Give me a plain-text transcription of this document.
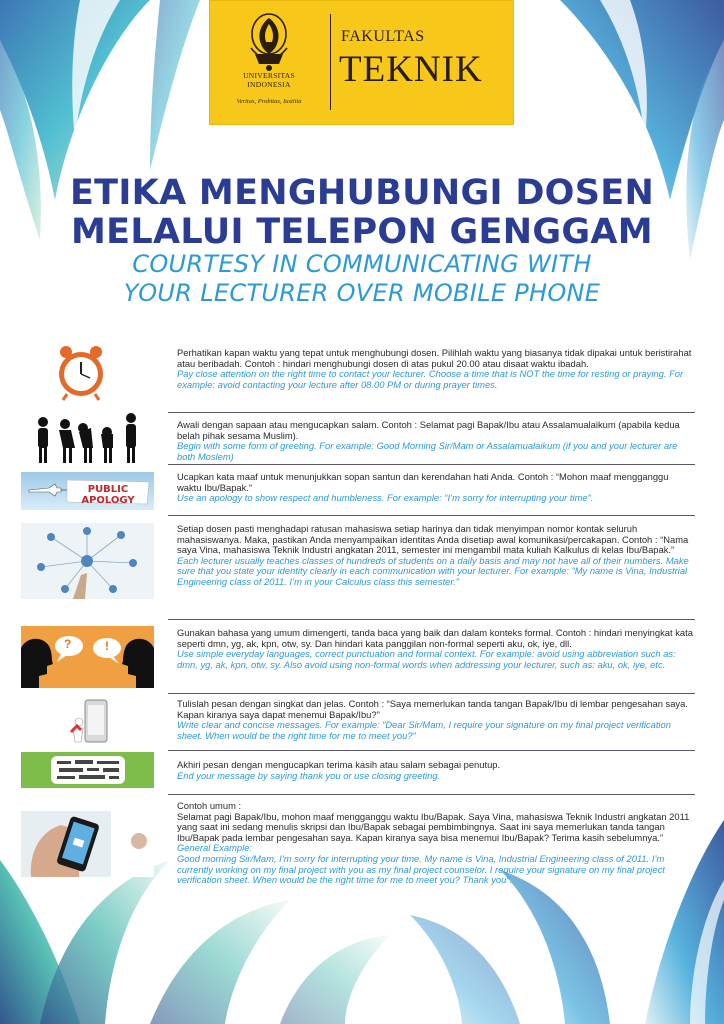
UNIVERSITAS
INDONESIA
Veritas, Probitas, Iustitia
FAKULTAS
TEKNIK
ETIKA MENGHUBUNGI DOSEN
MELALUI TELEPON GENGGAM
COURTESY IN COMMUNICATING WITH
YOUR LECTURER OVER MOBILE PHONE

Perhatikan kapan waktu yang tepat untuk menghubungi dosen. Pilihlah waktu yang biasanya tidak dipakai untuk beristirahat atau beribadah. Contoh : hindari menghubungi dosen di atas pukul 20.00 atau disaat waktu ibadah.

Pay close attention on the right time to contact your lecturer. Choose a time that is NOT the time for resting or praying. For example: avoid contacting your lecture after 08.00 PM or during prayer times.

Awali dengan sapaan atau mengucapkan salam. Contoh : Selamat pagi Bapak/Ibu atau Assalamualaikum (apabila kedua belah pihak sesama Muslim).

Begin with some form of greeting. For example: Good Morning Sir/Mam or Assalamualaikum (if you and your lecturer are both Moslem)

PUBLIC APOLOGY

Ucapkan kata maaf untuk menunjukkan sopan santun dan kerendahan hati Anda. Contoh : “Mohon maaf mengganggu waktu Ibu/Bapak.”

Use an apology to show respect and humbleness. For example: “I’m sorry for interrupting your time”.

Setiap dosen pasti menghadapi ratusan mahasiswa setiap harinya dan tidak menyimpan nomor kontak seluruh mahasiswanya. Maka, pastikan Anda menyampaikan identitas Anda disetiap awal komunikasi/percakapan. Contoh : “Nama saya Vina, mahasiswa Teknik Industri angkatan 2011, semester ini mengambil mata kuliah Kalkulus di kelas Ibu/Bapak.”

Each lecturer usually teaches classes of hundreds of students on a daily basis and may not have all of their numbers. Make sure that you state your identity clearly in each communication with your lecturer. For example: “My name is Vina, Industrial Engineering class of 2011. I’m in your Calculus class this semester.”

?	!

Gunakan bahasa yang umum dimengerti, tanda baca yang baik dan dalam konteks formal. Contoh : hindari menyingkat kata seperti dmn, yg, ak, kpn, otw, sy. Dan hindari kata panggilan non-formal seperti aku, ok, iye, dll.

Use simple everyday languages, correct punctuation and formal context. For example: avoid using abbreviation such as: dmn, yg, ak, kpn, otw, sy. Also avoid using non-formal words when addressing your lecturer, such as: aku, ok, iye, etc.

Tulislah pesan dengan singkat dan jelas. Contoh : “Saya memerlukan tanda tangan Bapak/Ibu di lembar pengesahan saya. Kapan kiranya saya dapat menemui Bapak/Ibu?”

Write clear and concise messages. For example: “Dear Sir/Mam, I require your signature on my final project verification sheet. When would be the right time for me to meet you?”

Akhiri pesan dengan mengucapkan terima kasih atau salam sebagai penutup.

End your message by saying thank you or use closing greeting.

Contoh umum :
Selamat pagi Bapak/Ibu, mohon maaf mengganggu waktu Ibu/Bapak. Saya Vina, mahasiswa Teknik Industri angkatan 2011 yang saat ini sedang menulis skripsi dan Ibu/Bapak sebagai pembimbingnya. Saat ini saya memerlukan tanda tangan Ibu/Bapak pada lembar pengesahan saya. Kapan kiranya saya bisa menemui Ibu/Bapak? Terima kasih sebelumnya.”

General Example:
Good morning Sir/Mam, I’m sorry for interrupting your time. My name is Vina, Industrial Engineering class of 2011. I’m currently working on my final project with you as my final project counselor. I require your signature on my final project verification sheet. When would be the right time for me to meet you? Thank you”.
